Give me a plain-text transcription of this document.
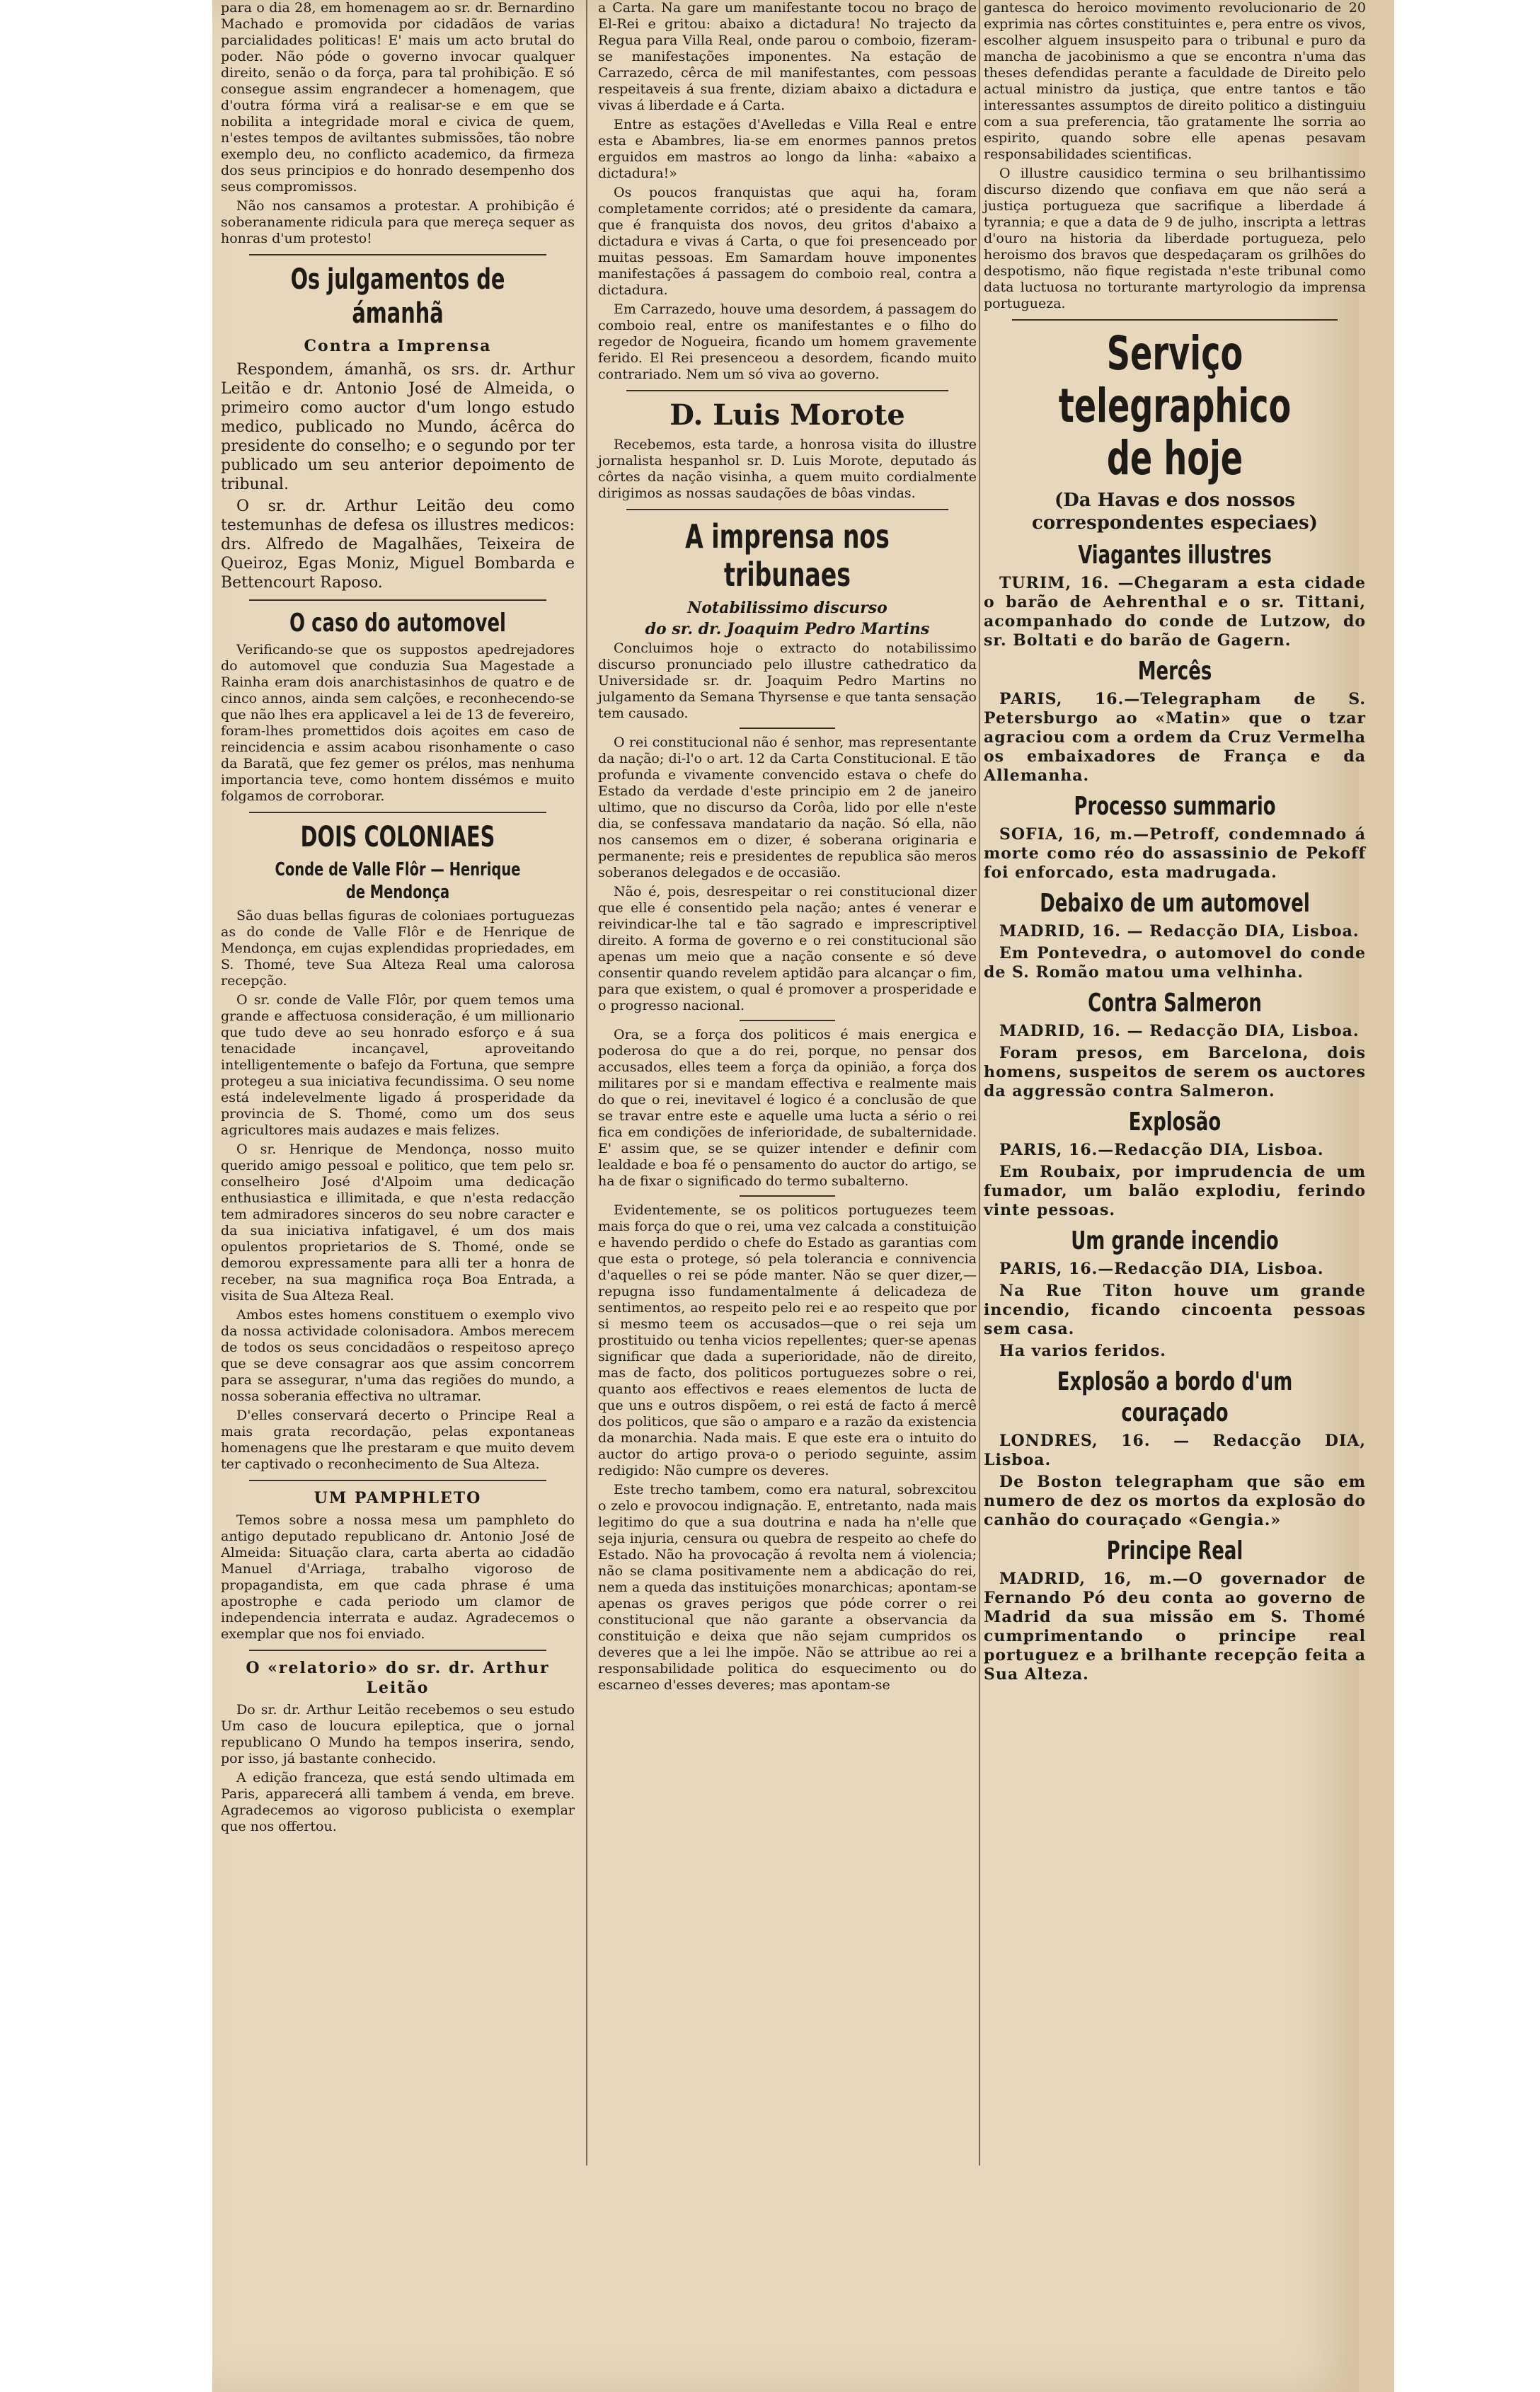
para o dia 28, em homenagem ao sr. dr. Bernardino Machado e promovida por cidadãos de varias parcialidades politicas! E' mais um acto brutal do poder. Não póde o governo invocar qualquer direito, senão o da força, para tal prohibição. E só consegue assim engrandecer a homenagem, que d'outra fórma virá a realisar-se e em que se nobilita a integridade moral e civica de quem, n'estes tempos de aviltantes submissões, tão nobre exemplo deu, no conflicto academico, da firmeza dos seus principios e do honrado desempenho dos seus compromissos.

Não nos cansamos a protestar. A prohibição é soberanamente ridicula para que mereça sequer as honras d'um protesto!

Os julgamentos de ámanhã
Contra a Imprensa

Respondem, ámanhã, os srs. dr. Arthur Leitão e dr. Antonio José de Almeida, o primeiro como auctor d'um longo estudo medico, publicado no Mundo, ácêrca do presidente do conselho; e o segundo por ter publicado um seu anterior depoimento de tribunal.

O sr. dr. Arthur Leitão deu como testemunhas de defesa os illustres medicos: drs. Alfredo de Magalhães, Teixeira de Queiroz, Egas Moniz, Miguel Bombarda e Bettencourt Raposo.

O caso do automovel

Verificando-se que os suppostos apedrejadores do automovel que conduzia Sua Magestade a Rainha eram dois anarchistasinhos de quatro e de cinco annos, ainda sem calções, e reconhecendo-se que não lhes era applicavel a lei de 13 de fevereiro, foram-lhes promettidos dois açoites em caso de reincidencia e assim acabou risonhamente o caso da Baratã, que fez gemer os prélos, mas nenhuma importancia teve, como hontem dissémos e muito folgamos de corroborar.

DOIS COLONIAES
Conde de Valle Flôr — Henrique de Mendonça

São duas bellas figuras de coloniaes portuguezas as do conde de Valle Flôr e de Henrique de Mendonça, em cujas explendidas propriedades, em S. Thomé, teve Sua Alteza Real uma calorosa recepção.

O sr. conde de Valle Flôr, por quem temos uma grande e affectuosa consideração, é um millionario que tudo deve ao seu honrado esforço e á sua tenacidade incançavel, aproveitando intelligentemente o bafejo da Fortuna, que sempre protegeu a sua iniciativa fecundissima. O seu nome está indelevelmente ligado á prosperidade da provincia de S. Thomé, como um dos seus agricultores mais audazes e mais felizes.

O sr. Henrique de Mendonça, nosso muito querido amigo pessoal e politico, que tem pelo sr. conselheiro José d'Alpoim uma dedicação enthusiastica e illimitada, e que n'esta redacção tem admiradores sinceros do seu nobre caracter e da sua iniciativa infatigavel, é um dos mais opulentos proprietarios de S. Thomé, onde se demorou expressamente para alli ter a honra de receber, na sua magnifica roça Boa Entrada, a visita de Sua Alteza Real.

Ambos estes homens constituem o exemplo vivo da nossa actividade colonisadora. Ambos merecem de todos os seus concidadãos o respeitoso apreço que se deve consagrar aos que assim concorrem para se assegurar, n'uma das regiões do mundo, a nossa soberania effectiva no ultramar.

D'elles conservará decerto o Principe Real a mais grata recordação, pelas expontaneas homenagens que lhe prestaram e que muito devem ter captivado o reconhecimento de Sua Alteza.

UM PAMPHLETO

Temos sobre a nossa mesa um pamphleto do antigo deputado republicano dr. Antonio José de Almeida: Situação clara, carta aberta ao cidadão Manuel d'Arriaga, trabalho vigoroso de propagandista, em que cada phrase é uma apostrophe e cada periodo um clamor de independencia interrata e audaz. Agradecemos o exemplar que nos foi enviado.

O «relatorio» do sr. dr. Arthur Leitão

Do sr. dr. Arthur Leitão recebemos o seu estudo Um caso de loucura epileptica, que o jornal republicano O Mundo ha tempos inserira, sendo, por isso, já bastante conhecido.

A edição franceza, que está sendo ultimada em Paris, apparecerá alli tambem á venda, em breve. Agradecemos ao vigoroso publicista o exemplar que nos offertou.

a Carta. Na gare um manifestante tocou no braço de El-Rei e gritou: abaixo a dictadura! No trajecto da Regua para Villa Real, onde parou o comboio, fizeram-se manifestações imponentes. Na estação de Carrazedo, cêrca de mil manifestantes, com pessoas respeitaveis á sua frente, diziam abaixo a dictadura e vivas á liberdade e á Carta.

Entre as estações d'Avelledas e Villa Real e entre esta e Abambres, lia-se em enormes pannos pretos erguidos em mastros ao longo da linha: «abaixo a dictadura!»

Os poucos franquistas que aqui ha, foram completamente corridos; até o presidente da camara, que é franquista dos novos, deu gritos d'abaixo a dictadura e vivas á Carta, o que foi presenceado por muitas pessoas. Em Samardam houve imponentes manifestações á passagem do comboio real, contra a dictadura.

Em Carrazedo, houve uma desordem, á passagem do comboio real, entre os manifestantes e o filho do regedor de Nogueira, ficando um homem gravemente ferido. El Rei presenceou a desordem, ficando muito contrariado. Nem um só viva ao governo.

D. Luis Morote

Recebemos, esta tarde, a honrosa visita do illustre jornalista hespanhol sr. D. Luis Morote, deputado ás côrtes da nação visinha, a quem muito cordialmente dirigimos as nossas saudações de bôas vindas.

A imprensa nos tribunaes
Notabilissimo discurso
do sr. dr. Joaquim Pedro Martins

Concluimos hoje o extracto do notabilissimo discurso pronunciado pelo illustre cathedratico da Universidade sr. dr. Joaquim Pedro Martins no julgamento da Semana Thyrsense e que tanta sensação tem causado.

O rei constitucional não é senhor, mas representante da nação; di-l'o o art. 12 da Carta Constitucional. E tão profunda e vivamente convencido estava o chefe do Estado da verdade d'este principio em 2 de janeiro ultimo, que no discurso da Corôa, lido por elle n'este dia, se confessava mandatario da nação. Só ella, não nos cansemos em o dizer, é soberana originaria e permanente; reis e presidentes de republica são meros soberanos delegados e de occasião.

Não é, pois, desrespeitar o rei constitucional dizer que elle é consentido pela nação; antes é venerar e reivindicar-lhe tal e tão sagrado e imprescriptivel direito. A forma de governo e o rei constitucional são apenas um meio que a nação consente e só deve consentir quando revelem aptidão para alcançar o fim, para que existem, o qual é promover a prosperidade e o progresso nacional.

Ora, se a força dos politicos é mais energica e poderosa do que a do rei, porque, no pensar dos accusados, elles teem a força da opinião, a força dos militares por si e mandam effectiva e realmente mais do que o rei, inevitavel é logico é a conclusão de que se travar entre este e aquelle uma lucta a sério o rei fica em condições de inferioridade, de subalternidade. E' assim que, se se quizer intender e definir com lealdade e boa fé o pensamento do auctor do artigo, se ha de fixar o significado do termo subalterno.

Evidentemente, se os politicos portuguezes teem mais força do que o rei, uma vez calcada a constituição e havendo perdido o chefe do Estado as garantias com que esta o protege, só pela tolerancia e connivencia d'aquelles o rei se póde manter. Não se quer dizer,—repugna isso fundamentalmente á delicadeza de sentimentos, ao respeito pelo rei e ao respeito que por si mesmo teem os accusados—que o rei seja um prostituido ou tenha vicios repellentes; quer-se apenas significar que dada a superioridade, não de direito, mas de facto, dos politicos portuguezes sobre o rei, quanto aos effectivos e reaes elementos de lucta de que uns e outros dispõem, o rei está de facto á mercê dos politicos, que são o amparo e a razão da existencia da monarchia. Nada mais. E que este era o intuito do auctor do artigo prova-o o periodo seguinte, assim redigido: Não cumpre os deveres.

Este trecho tambem, como era natural, sobrexcitou o zelo e provocou indignação. E, entretanto, nada mais legitimo do que a sua doutrina e nada ha n'elle que seja injuria, censura ou quebra de respeito ao chefe do Estado. Não ha provocação á revolta nem á violencia; não se clama positivamente nem a abdicação do rei, nem a queda das instituições monarchicas; apontam-se apenas os graves perigos que póde correr o rei constitucional que não garante a observancia da constituição e deixa que não sejam cumpridos os deveres que a lei lhe impõe. Não se attribue ao rei a responsabilidade politica do esquecimento ou do escarneo d'esses deveres; mas apontam-se

gantesca do heroico movimento revolucionario de 20 exprimia nas côrtes constituintes e, pera entre os vivos, escolher alguem insuspeito para o tribunal e puro da mancha de jacobinismo a que se encontra n'uma das theses defendidas perante a faculdade de Direito pelo actual ministro da justiça, que entre tantos e tão interessantes assumptos de direito politico a distinguiu com a sua preferencia, tão gratamente lhe sorria ao espirito, quando sobre elle apenas pesavam responsabilidades scientificas.

O illustre causidico termina o seu brilhantissimo discurso dizendo que confiava em que não será a justiça portugueza que sacrifique a liberdade á tyrannia; e que a data de 9 de julho, inscripta a lettras d'ouro na historia da liberdade portugueza, pelo heroismo dos bravos que despedaçaram os grilhões do despotismo, não fique registada n'este tribunal como data luctuosa no torturante martyrologio da imprensa portugueza.

Serviço telegraphico
de hoje
(Da Havas e dos nossos correspondentes especiaes)
Viagantes illustres

TURIM, 16. —Chegaram a esta cidade o barão de Aehrenthal e o sr. Tittani, acompanhado do conde de Lutzow, do sr. Boltati e do barão de Gagern.

Mercês

PARIS, 16.—Telegrapham de S. Petersburgo ao «Matin» que o tzar agraciou com a ordem da Cruz Vermelha os embaixadores de França e da Allemanha.

Processo summario

SOFIA, 16, m.—Petroff, condemnado á morte como réo do assassinio de Pekoff foi enforcado, esta madrugada.

Debaixo de um automovel

MADRID, 16. — Redacção DIA, Lisboa.

Em Pontevedra, o automovel do conde de S. Romão matou uma velhinha.

Contra Salmeron

MADRID, 16. — Redacção DIA, Lisboa.

Foram presos, em Barcelona, dois homens, suspeitos de serem os auctores da aggressão contra Salmeron.

Explosão

PARIS, 16.—Redacção DIA, Lisboa.

Em Roubaix, por imprudencia de um fumador, um balão explodiu, ferindo vinte pessoas.

Um grande incendio

PARIS, 16.—Redacção DIA, Lisboa.

Na Rue Titon houve um grande incendio, ficando cincoenta pessoas sem casa.

Ha varios feridos.

Explosão a bordo d'um couraçado

LONDRES, 16. — Redacção DIA, Lisboa.

De Boston telegrapham que são em numero de dez os mortos da explosão do canhão do couraçado «Gengia.»

Principe Real

MADRID, 16, m.—O governador de Fernando Pó deu conta ao governo de Madrid da sua missão em S. Thomé cumprimentando o principe real portuguez e a brilhante recepção feita a Sua Alteza.
